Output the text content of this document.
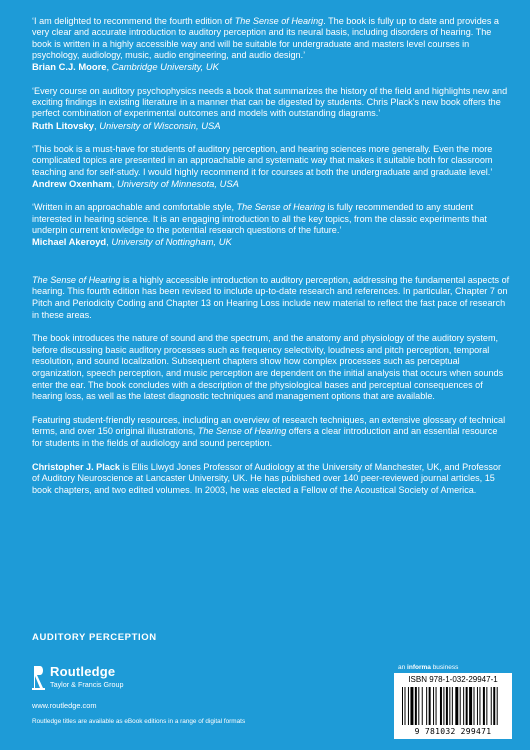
‘I am delighted to recommend the fourth edition of The Sense of Hearing. The book is fully up to date and provides a very clear and accurate introduction to auditory perception and its neural basis, including disorders of hearing. The book is written in a highly accessible way and will be suitable for undergraduate and masters level courses in psychology, audiology, music, audio engineering, and audio design.’

Brian C.J. Moore, Cambridge University, UK

‘Every course on auditory psychophysics needs a book that summarizes the history of the field and highlights new and exciting findings in existing literature in a manner that can be digested by students. Chris Plack’s new book offers the perfect combination of experimental outcomes and models with outstanding diagrams.’

Ruth Litovsky, University of Wisconsin, USA

‘This book is a must-have for students of auditory perception, and hearing sciences more generally. Even the more complicated topics are presented in an approachable and systematic way that makes it suitable both for classroom teaching and for self-study. I would highly recommend it for courses at both the undergraduate and graduate level.’

Andrew Oxenham, University of Minnesota, USA

‘Written in an approachable and comfortable style, The Sense of Hearing is fully recommended to any student interested in hearing science. It is an engaging introduction to all the key topics, from the classic experiments that underpin current knowledge to the potential research questions of the future.’

Michael Akeroyd, University of Nottingham, UK

The Sense of Hearing is a highly accessible introduction to auditory perception, addressing the fundamental aspects of hearing. This fourth edition has been revised to include up-to-date research and references. In particular, Chapter 7 on Pitch and Periodicity Coding and Chapter 13 on Hearing Loss include new material to reflect the fast pace of research in these areas.

The book introduces the nature of sound and the spectrum, and the anatomy and physiology of the auditory system, before discussing basic auditory processes such as frequency selectivity, loudness and pitch perception, temporal resolution, and sound localization. Subsequent chapters show how complex processes such as perceptual organization, speech perception, and music perception are dependent on the initial analysis that occurs when sounds enter the ear. The book concludes with a description of the physiological bases and perceptual consequences of hearing loss, as well as the latest diagnostic techniques and management options that are available.

Featuring student-friendly resources, including an overview of research techniques, an extensive glossary of technical terms, and over 150 original illustrations, The Sense of Hearing offers a clear introduction and an essential resource for students in the fields of audiology and sound perception.

Christopher J. Plack is Ellis Llwyd Jones Professor of Audiology at the University of Manchester, UK, and Professor of Auditory Neuroscience at Lancaster University, UK. He has published over 140 peer-reviewed journal articles, 15 book chapters, and two edited volumes. In 2003, he was elected a Fellow of the Acoustical Society of America.

AUDITORY PERCEPTION
Routledge
Taylor & Francis Group
www.routledge.com
Routledge titles are available as eBook editions in a range of digital formats
an informa business
ISBN 978-1-032-29947-1
9 781032 299471
